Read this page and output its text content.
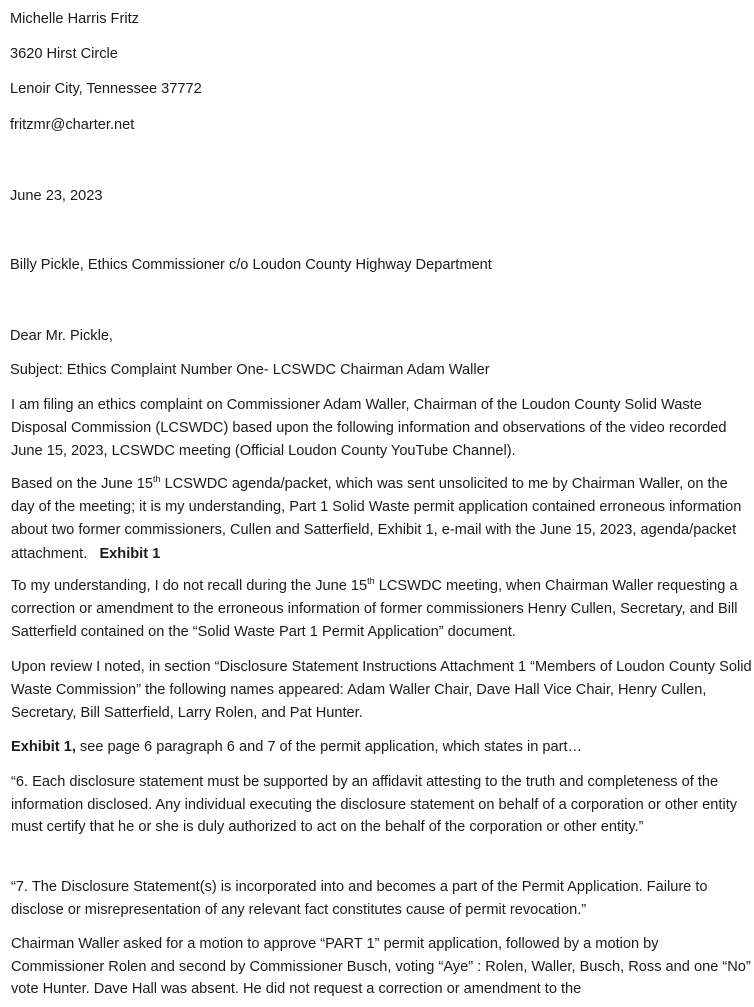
Michelle Harris Fritz
3620 Hirst Circle
Lenoir City, Tennessee 37772
fritzmr@charter.net
June 23, 2023
Billy Pickle, Ethics Commissioner c/o Loudon County Highway Department
Dear Mr. Pickle,
Subject: Ethics Complaint Number One- LCSWDC Chairman Adam Waller
I am filing an ethics complaint on Commissioner Adam Waller, Chairman of the Loudon County Solid Waste Disposal Commission (LCSWDC) based upon the following information and observations of the video recorded June 15, 2023, LCSWDC meeting (Official Loudon County YouTube Channel).
Based on the June 15th LCSWDC agenda/packet, which was sent unsolicited to me by Chairman Waller, on the day of the meeting; it is my understanding, Part 1 Solid Waste permit application contained erroneous information about two former commissioners, Cullen and Satterfield, Exhibit 1, e-mail with the June 15, 2023, agenda/packet attachment. Exhibit 1
To my understanding, I do not recall during the June 15th LCSWDC meeting, when Chairman Waller requesting a correction or amendment to the erroneous information of former commissioners Henry Cullen, Secretary, and Bill Satterfield contained on the “Solid Waste Part 1 Permit Application” document.
Upon review I noted, in section “Disclosure Statement Instructions Attachment 1 “Members of Loudon County Solid Waste Commission” the following names appeared: Adam Waller Chair, Dave Hall Vice Chair, Henry Cullen, Secretary, Bill Satterfield, Larry Rolen, and Pat Hunter.
Exhibit 1, see page 6 paragraph 6 and 7 of the permit application, which states in part…
“6. Each disclosure statement must be supported by an affidavit attesting to the truth and completeness of the information disclosed. Any individual executing the disclosure statement on behalf of a corporation or other entity must certify that he or she is duly authorized to act on the behalf of the corporation or other entity.”
“7. The Disclosure Statement(s) is incorporated into and becomes a part of the Permit Application. Failure to disclose or misrepresentation of any relevant fact constitutes cause of permit revocation.”
Chairman Waller asked for a motion to approve “PART 1” permit application, followed by a motion by Commissioner Rolen and second by Commissioner Busch, voting “Aye” : Rolen, Waller, Busch, Ross and one “No” vote Hunter. Dave Hall was absent. He did not request a correction or amendment to the
